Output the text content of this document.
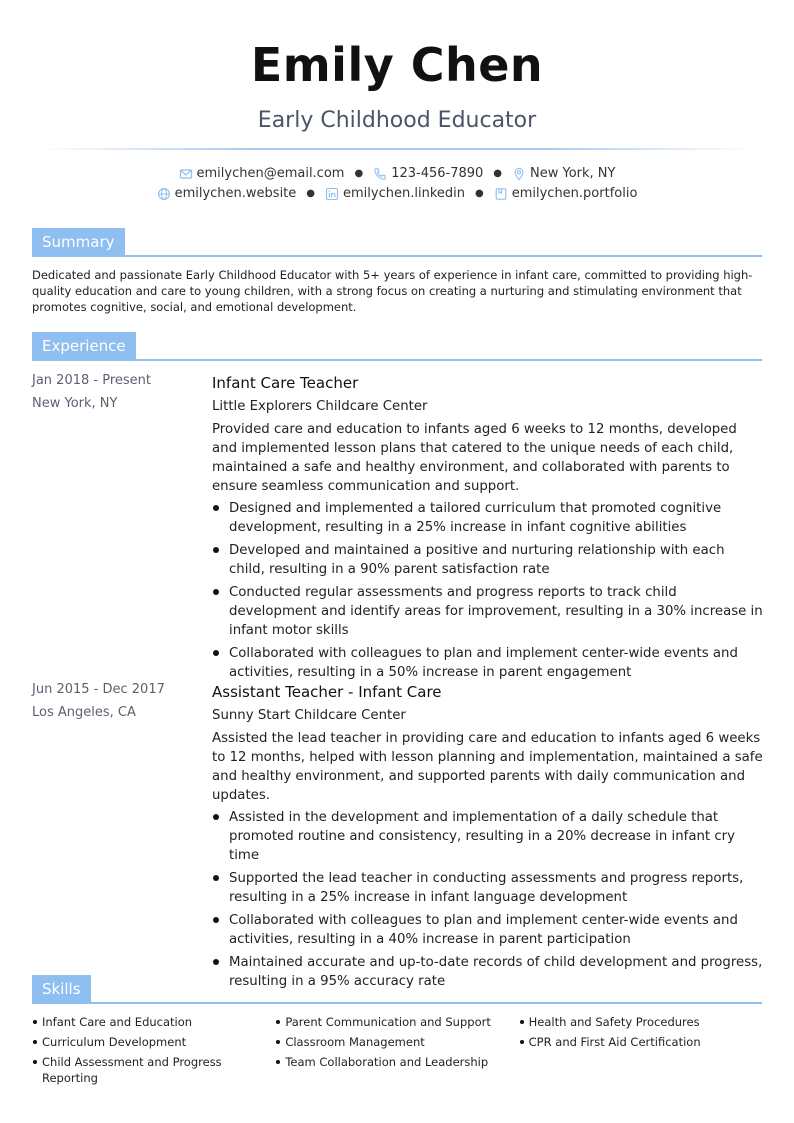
Emily Chen
Early Childhood Educator
emilychen@email.com ● 123-456-7890 ● New York, NY
emilychen.website ● emilychen.linkedin ● emilychen.portfolio
Summary
Dedicated and passionate Early Childhood Educator with 5+ years of experience in infant care, committed to providing high-quality education and care to young children, with a strong focus on creating a nurturing and stimulating environment that promotes cognitive, social, and emotional development.
Experience
Jan 2018 - Present
New York, NY
Infant Care Teacher
Little Explorers Childcare Center
Provided care and education to infants aged 6 weeks to 12 months, developed and implemented lesson plans that catered to the unique needs of each child, maintained a safe and healthy environment, and collaborated with parents to ensure seamless communication and support.
Designed and implemented a tailored curriculum that promoted cognitive development, resulting in a 25% increase in infant cognitive abilities
Developed and maintained a positive and nurturing relationship with each child, resulting in a 90% parent satisfaction rate
Conducted regular assessments and progress reports to track child development and identify areas for improvement, resulting in a 30% increase in infant motor skills
Collaborated with colleagues to plan and implement center-wide events and activities, resulting in a 50% increase in parent engagement
Jun 2015 - Dec 2017
Los Angeles, CA
Assistant Teacher - Infant Care
Sunny Start Childcare Center
Assisted the lead teacher in providing care and education to infants aged 6 weeks to 12 months, helped with lesson planning and implementation, maintained a safe and healthy environment, and supported parents with daily communication and updates.
Assisted in the development and implementation of a daily schedule that promoted routine and consistency, resulting in a 20% decrease in infant cry time
Supported the lead teacher in conducting assessments and progress reports, resulting in a 25% increase in infant language development
Collaborated with colleagues to plan and implement center-wide events and activities, resulting in a 40% increase in parent participation
Maintained accurate and up-to-date records of child development and progress, resulting in a 95% accuracy rate
Skills
Infant Care and Education
Curriculum Development
Child Assessment and Progress Reporting
Parent Communication and Support
Classroom Management
Team Collaboration and Leadership
Health and Safety Procedures
CPR and First Aid Certification
